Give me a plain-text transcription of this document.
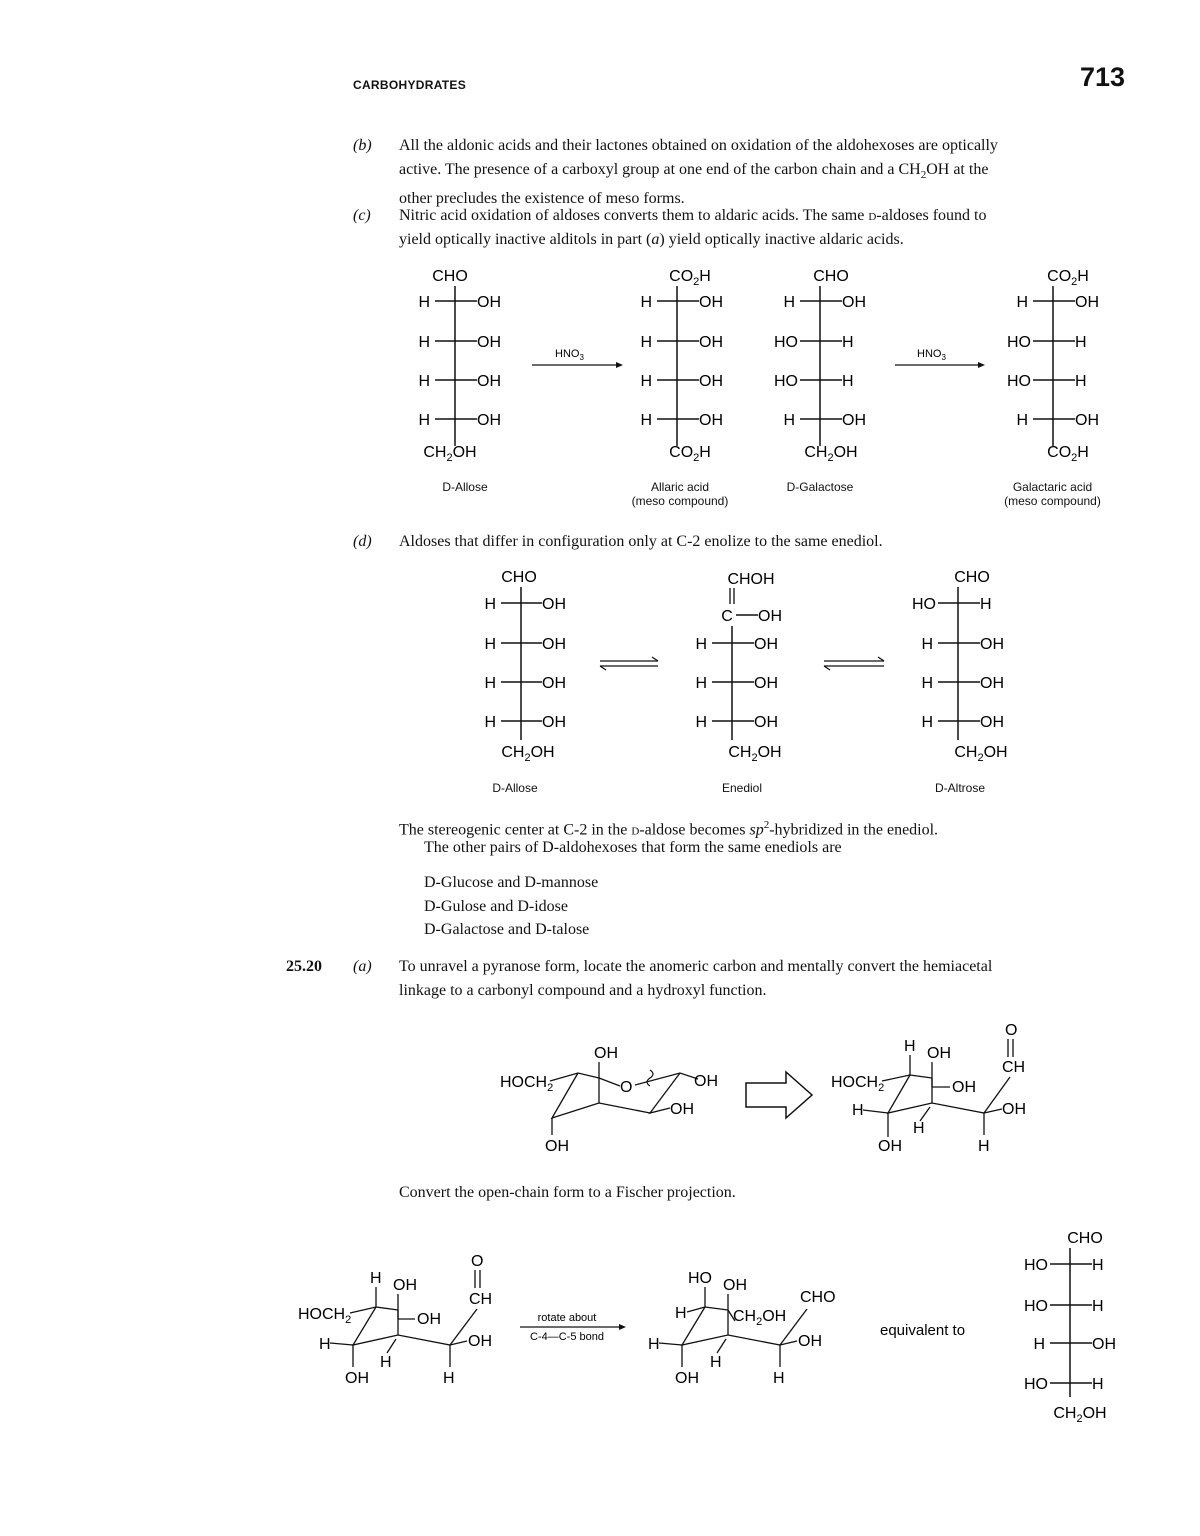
CARBOHYDRATES	713
(b) All the aldonic acids and their lactones obtained on oxidation of the aldohexoses are optically
active. The presence of a carboxyl group at one end of the carbon chain and a $CH_2OH$ at the
other precludes the existence of meso forms.
(c) Nitric acid oxidation of aldoses converts them to aldaric acids. The same d-aldoses found to
yield optically inactive alditols in part (a) yield optically inactive aldaric acids.
CHO
H	OH
H	OH
H	OH
H	OH
$CH_2OH$
$HNO_3$
$CO_2H$
H	OH
H	OH
H	OH
H	OH
$CO_2H$
CHO
H	OH
HO	H
HO	H
H	OH
$CH_2OH$
$HNO_3$
$CO_2H$
H	OH
HO	H
HO	H
H	OH
$CO_2H$
D-Allose	Allaric acid
(meso compound)
D-Galactose	Galactaric acid
(meso compound)
(d) Aldoses that differ in configuration only at C-2 enolize to the same enediol.
CHO
H	OH
H	OH
H	OH
H	OH
$CH_2OH$
CHOH
C OH
H	OH
H	OH
H	OH
$CH_2OH$
CHO
HO	H
H	OH
H	OH
H	OH
$CH_2OH$
D-Allose	Enediol	D-Altrose
The stereogenic center at C-2 in the d-aldose becomes $sp^2$-hybridized in the enediol.
The other pairs of D-aldohexoses that form the same enediols are
D-Glucose and D-mannose
D-Gulose and D-idose
D-Galactose and D-talose
25.20 (a) To unravel a pyranose form, locate the anomeric carbon and mentally convert the hemiacetal
linkage to a carbonyl compound and a hydroxyl function.
OH
$HOCH_2$	O	OH
OH
OH
$HOCH_2$
H OH
OH
H
H
OH
O
CH
OH
H
Convert the open-chain form to a Fischer projection.
$HOCH_2$
H OH
OH
H
H
OH
O
CH
OH
H
rotate about
C-4—C-5 bond
HO OH
H	$CH_2OH$
CHO
H
H
OH
OH
H
equivalent to
CHO
HO	H
HO	H
H	OH
HO	H
$CH_2OH$
